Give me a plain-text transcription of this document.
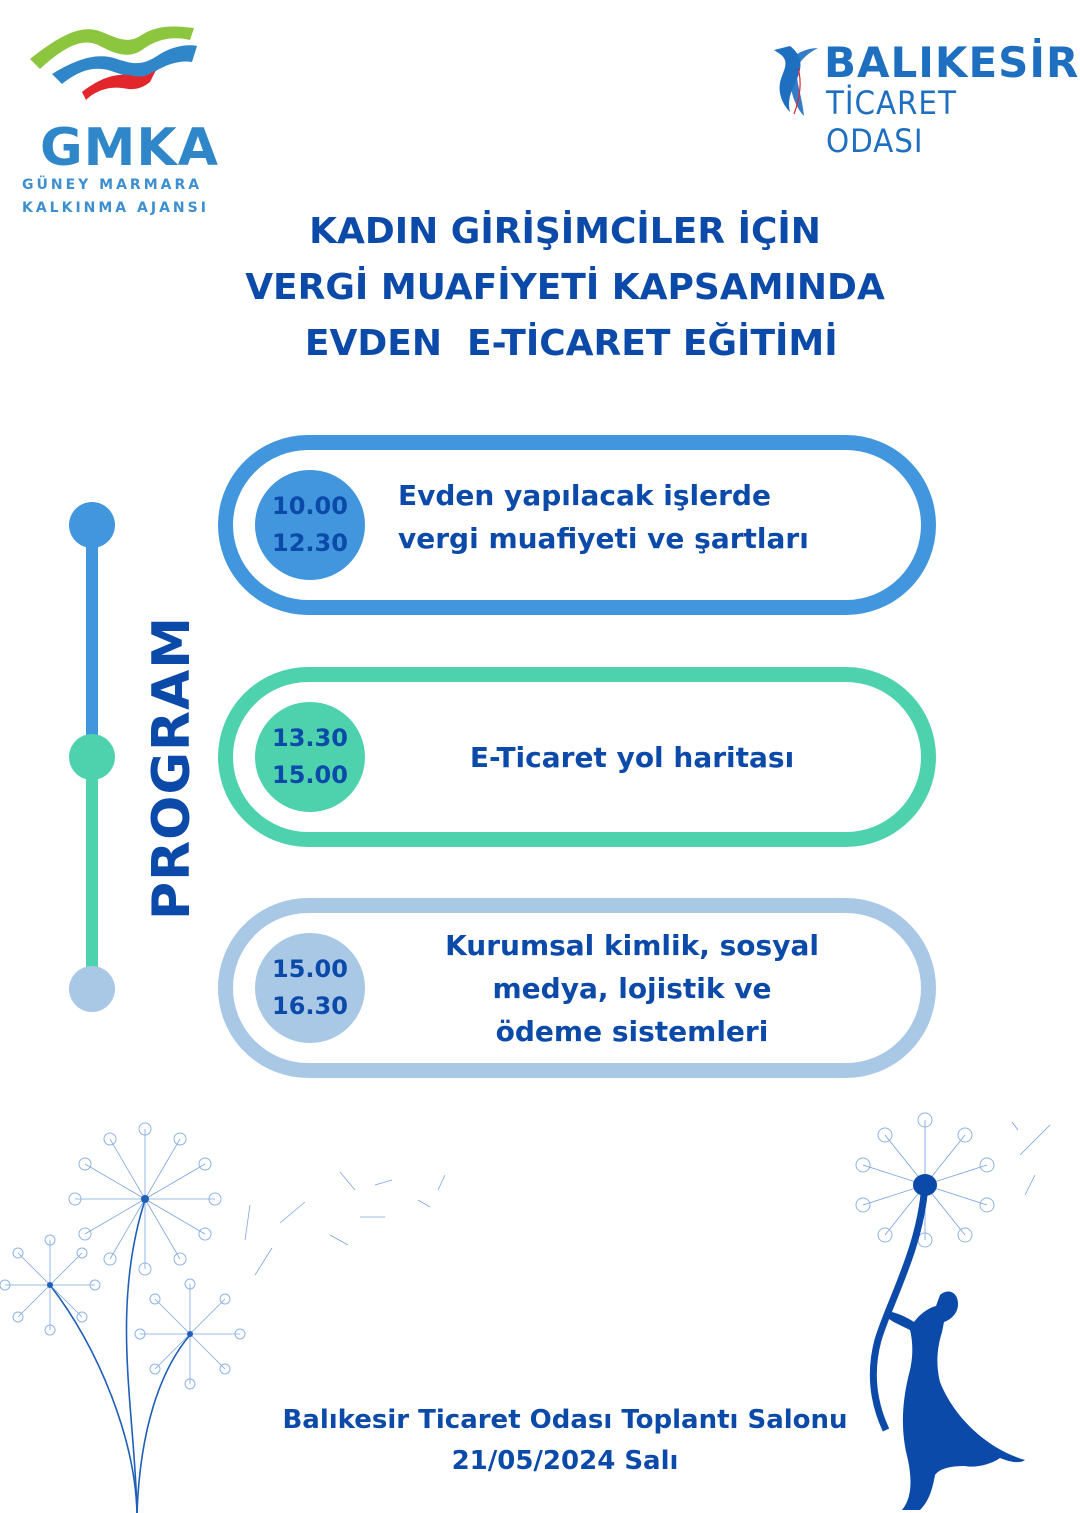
GMKA
GÜNEY MARMARA
KALKINMA AJANSI
BALIKESİR
TİCARET ODASI
KADIN GİRİŞİMCİLER İÇİN
VERGİ MUAFİYETİ KAPSAMINDA
EVDEN  E-TİCARET EĞİTİMİ
PROGRAM
10.00
12.30
Evden yapılacak işlerde
vergi muafiyeti ve şartları
13.30
15.00
E-Ticaret yol haritası
15.00
16.30
Kurumsal kimlik, sosyal
medya, lojistik ve
ödeme sistemleri
Balıkesir Ticaret Odası Toplantı Salonu
21/05/2024 Salı
